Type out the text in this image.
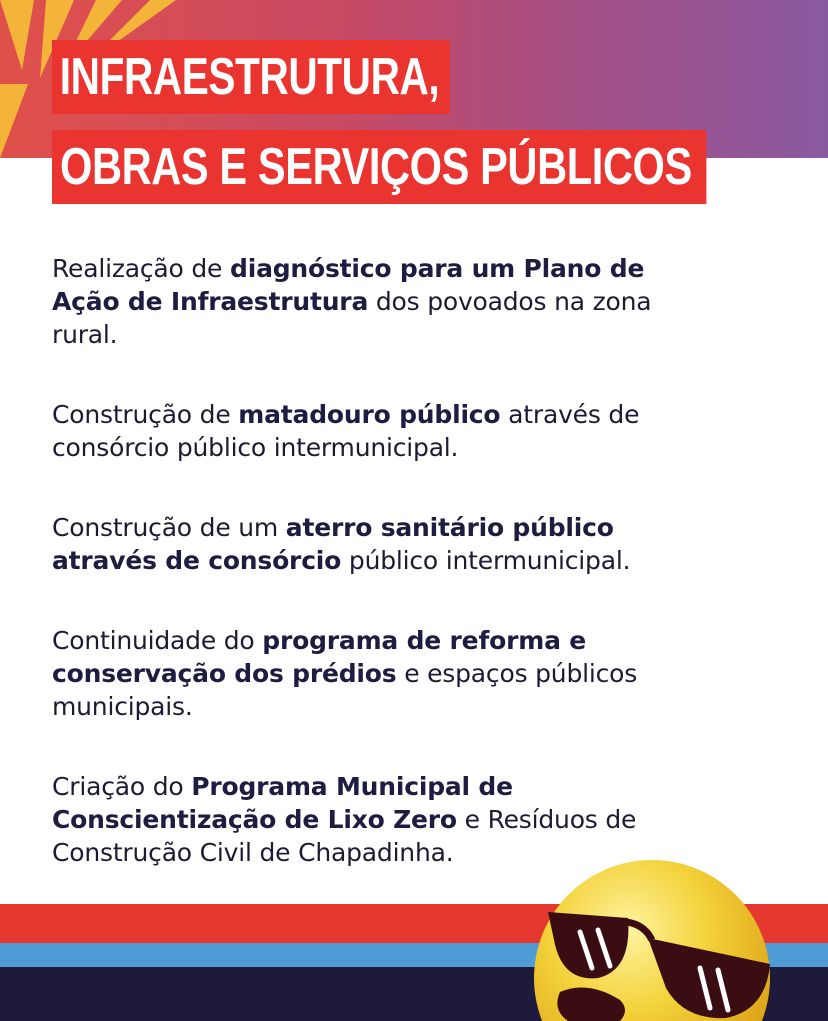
INFRAESTRUTURA,
OBRAS E SERVIÇOS PÚBLICOS

Realização de diagnóstico para um Plano de Ação de Infraestrutura dos povoados na zona rural.

Construção de matadouro público através de consórcio público intermunicipal.

Construção de um aterro sanitário público através de consórcio público intermunicipal.

Continuidade do programa de reforma e conservação dos prédios e espaços públicos municipais.

Criação do Programa Municipal de Conscientização de Lixo Zero e Resíduos de Construção Civil de Chapadinha.
